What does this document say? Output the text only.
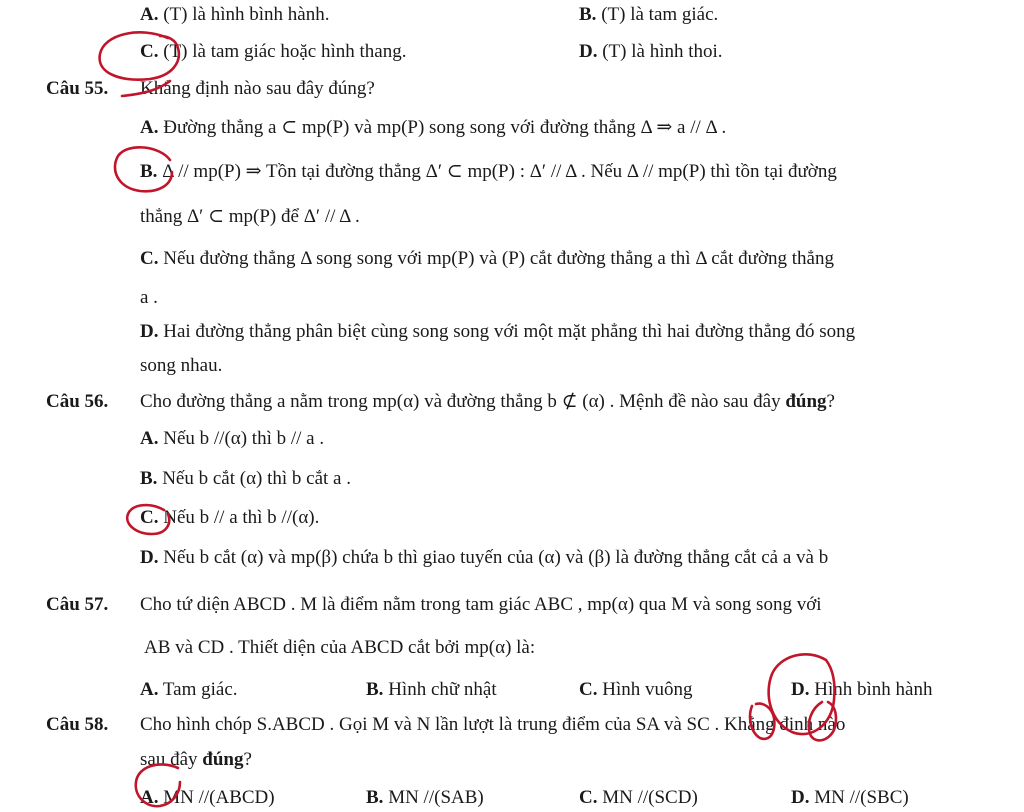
A. (T) là hình bình hành.	B. (T) là tam giác.
C. (T) là tam giác hoặc hình thang.	D. (T) là hình thoi.
Câu 55. Khẳng định nào sau đây đúng?
A. Đường thẳng a ⊂ mp(P) và mp(P) song song với đường thẳng Δ ⇒ a // Δ .
B. Δ // mp(P) ⇒ Tồn tại đường thẳng Δ′ ⊂ mp(P) : Δ′ // Δ . Nếu Δ // mp(P) thì tồn tại đường
thẳng Δ′ ⊂ mp(P) để Δ′ // Δ .
C. Nếu đường thẳng Δ song song với mp(P) và (P) cắt đường thẳng a thì Δ cắt đường thẳng
a .
D. Hai đường thẳng phân biệt cùng song song với một mặt phẳng thì hai đường thẳng đó song
song nhau.
Câu 56. Cho đường thẳng a nằm trong mp(α) và đường thẳng b ⊄ (α) . Mệnh đề nào sau đây đúng?
A. Nếu b //(α) thì b // a .
B. Nếu b cắt (α) thì b cắt a .
C. Nếu b // a thì b //(α).
D. Nếu b cắt (α) và mp(β) chứa b thì giao tuyến của (α) và (β) là đường thẳng cắt cả a và b
Câu 57. Cho tứ diện ABCD . M là điểm nằm trong tam giác ABC , mp(α) qua M và song song với
AB và CD . Thiết diện của ABCD cắt bởi mp(α) là:
A. Tam giác.	B. Hình chữ nhật	C. Hình vuông	D. Hình bình hành
Câu 58. Cho hình chóp S.ABCD . Gọi M và N lần lượt là trung điểm của SA và SC . Khẳng định nào
sau đây đúng?
A. MN //(ABCD)	B. MN //(SAB)	C. MN //(SCD)	D. MN //(SBC)
